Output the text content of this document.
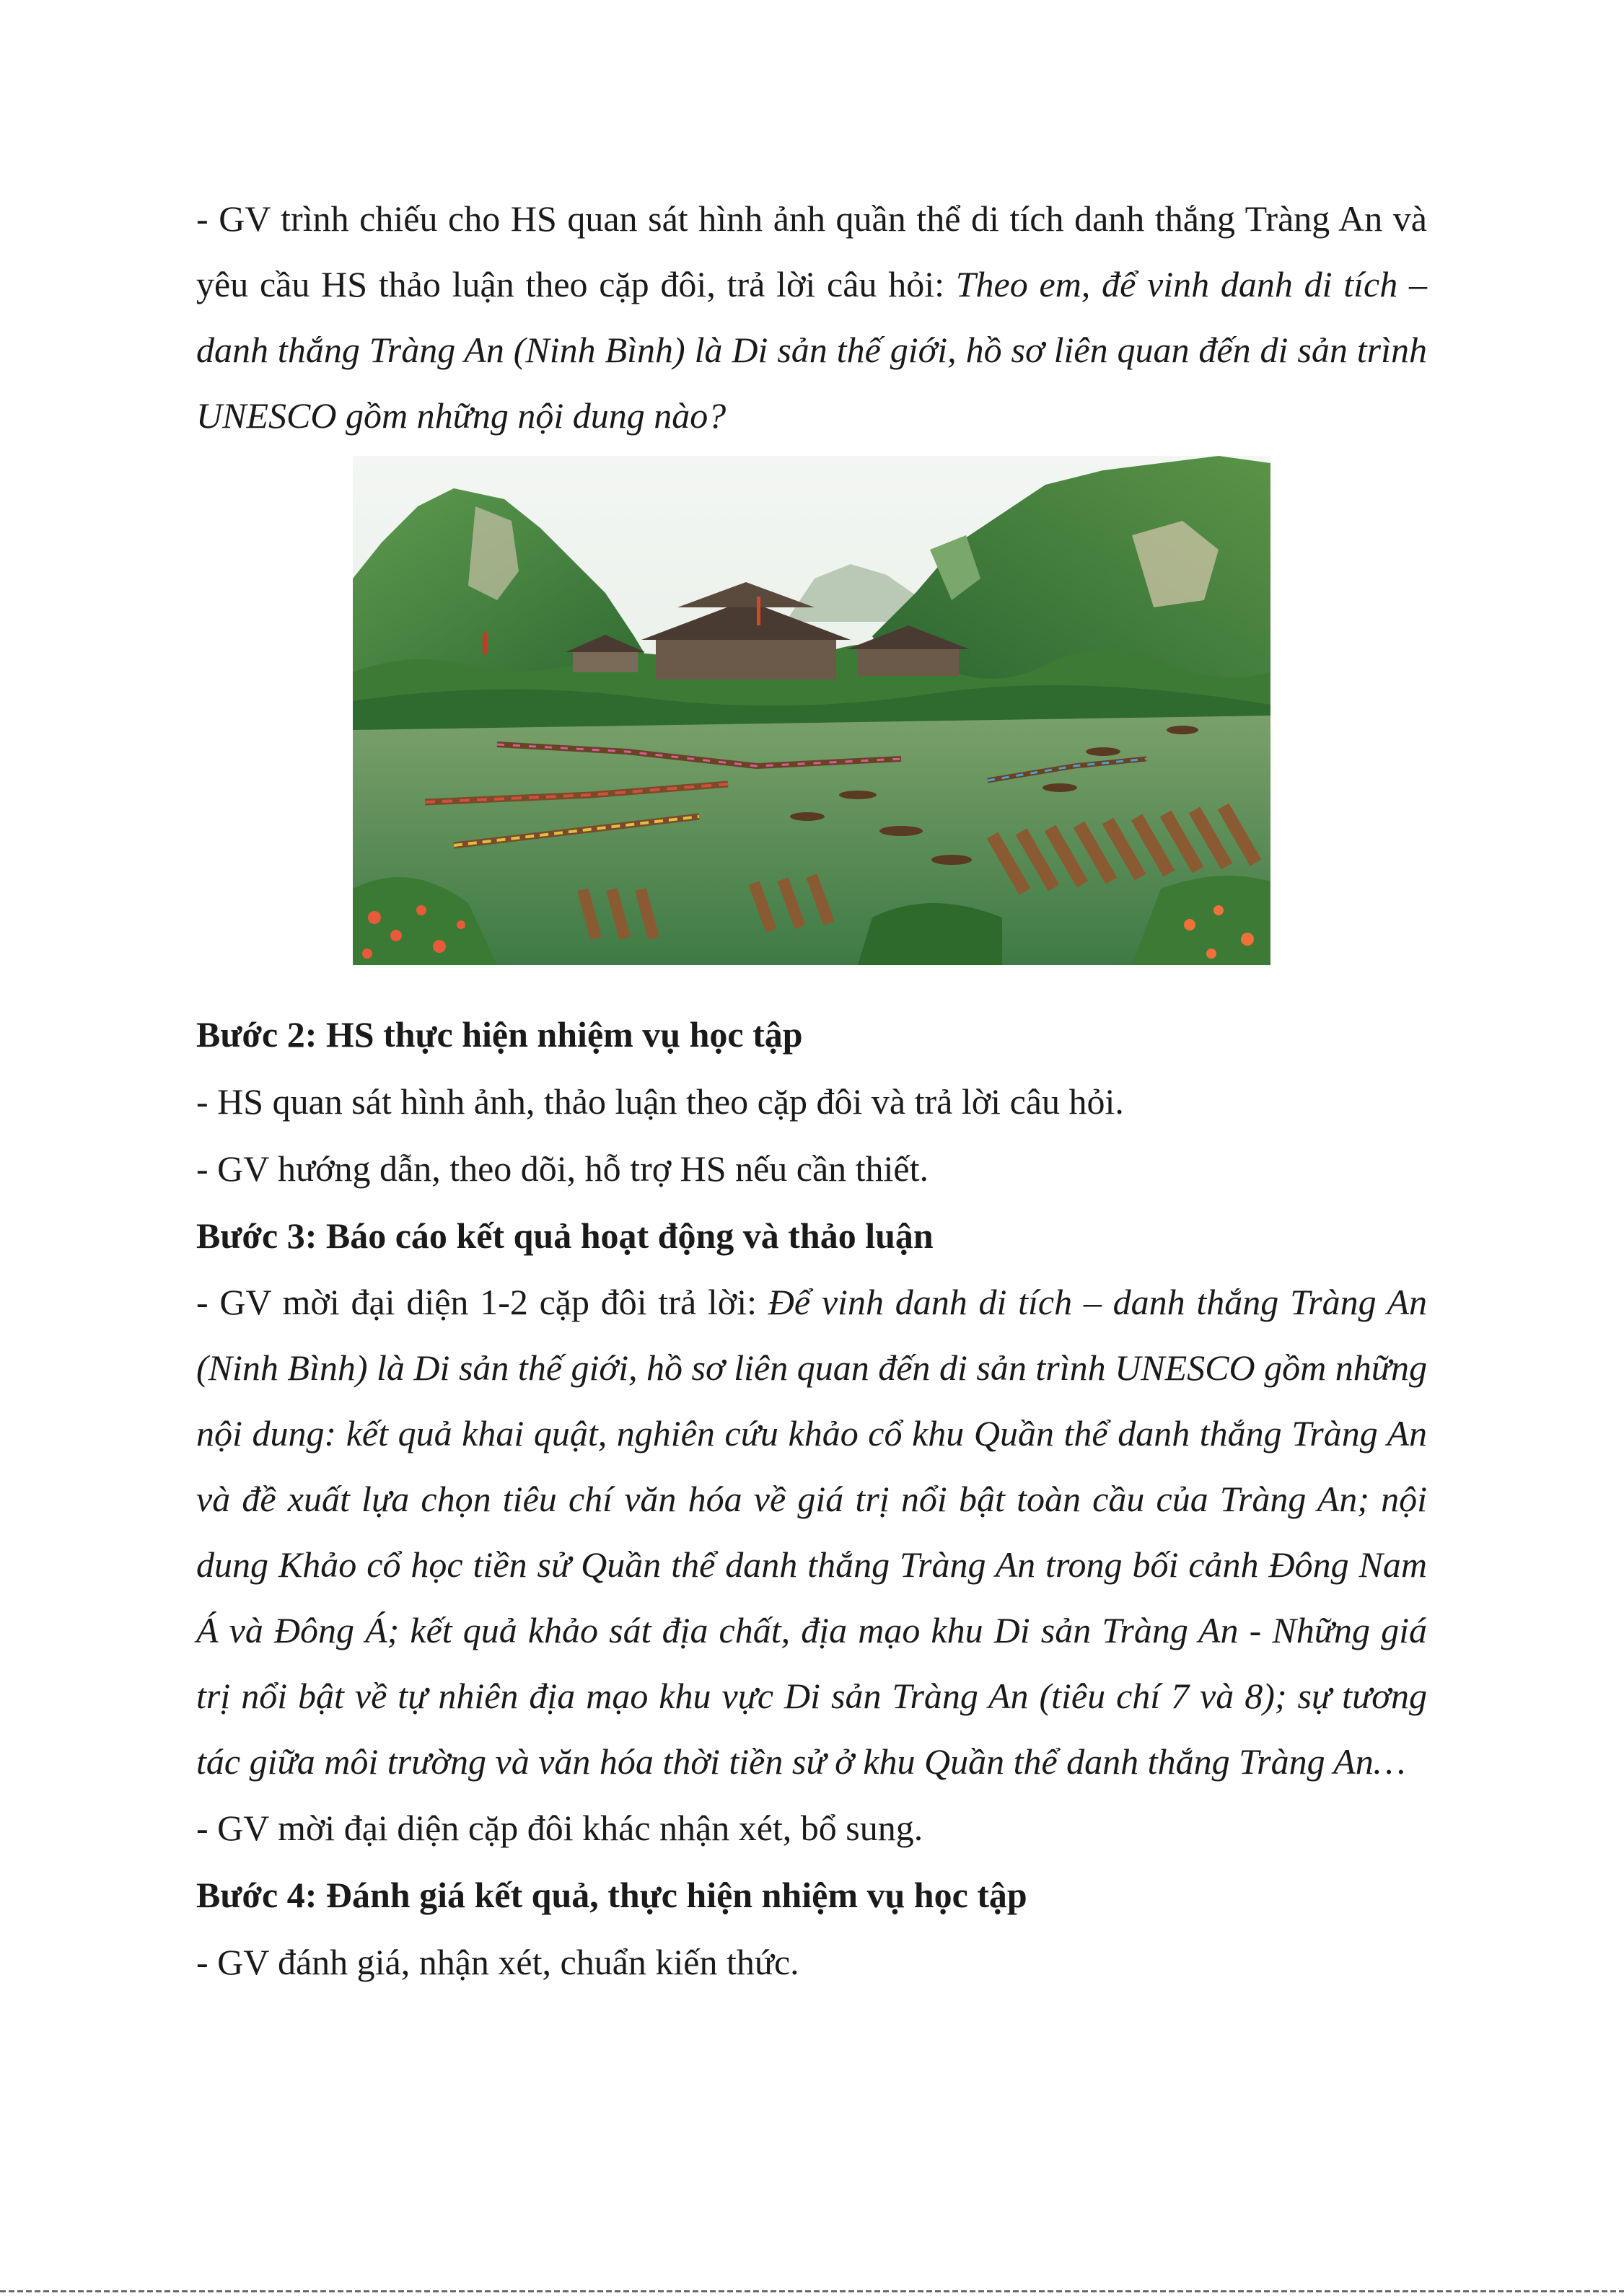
- GV trình chiếu cho HS quan sát hình ảnh quần thể di tích danh thắng Tràng An và yêu cầu HS thảo luận theo cặp đôi, trả lời câu hỏi: Theo em, để vinh danh di tích – danh thắng Tràng An (Ninh Bình) là Di sản thế giới, hồ sơ liên quan đến di sản trình UNESCO gồm những nội dung nào?

Bước 2: HS thực hiện nhiệm vụ học tập

- HS quan sát hình ảnh, thảo luận theo cặp đôi và trả lời câu hỏi.

- GV hướng dẫn, theo dõi, hỗ trợ HS nếu cần thiết.

Bước 3: Báo cáo kết quả hoạt động và thảo luận

- GV mời đại diện 1-2 cặp đôi trả lời: Để vinh danh di tích – danh thắng Tràng An (Ninh Bình) là Di sản thế giới, hồ sơ liên quan đến di sản trình UNESCO gồm những nội dung: kết quả khai quật, nghiên cứu khảo cổ khu Quần thể danh thắng Tràng An và đề xuất lựa chọn tiêu chí văn hóa về giá trị nổi bật toàn cầu của Tràng An; nội dung Khảo cổ học tiền sử Quần thể danh thắng Tràng An trong bối cảnh Đông Nam Á và Đông Á; kết quả khảo sát địa chất, địa mạo khu Di sản Tràng An - Những giá trị nổi bật về tự nhiên địa mạo khu vực Di sản Tràng An (tiêu chí 7 và 8); sự tương tác giữa môi trường và văn hóa thời tiền sử ở khu Quần thể danh thắng Tràng An…

- GV mời đại diện cặp đôi khác nhận xét, bổ sung.

Bước 4: Đánh giá kết quả, thực hiện nhiệm vụ học tập

- GV đánh giá, nhận xét, chuẩn kiến thức.
